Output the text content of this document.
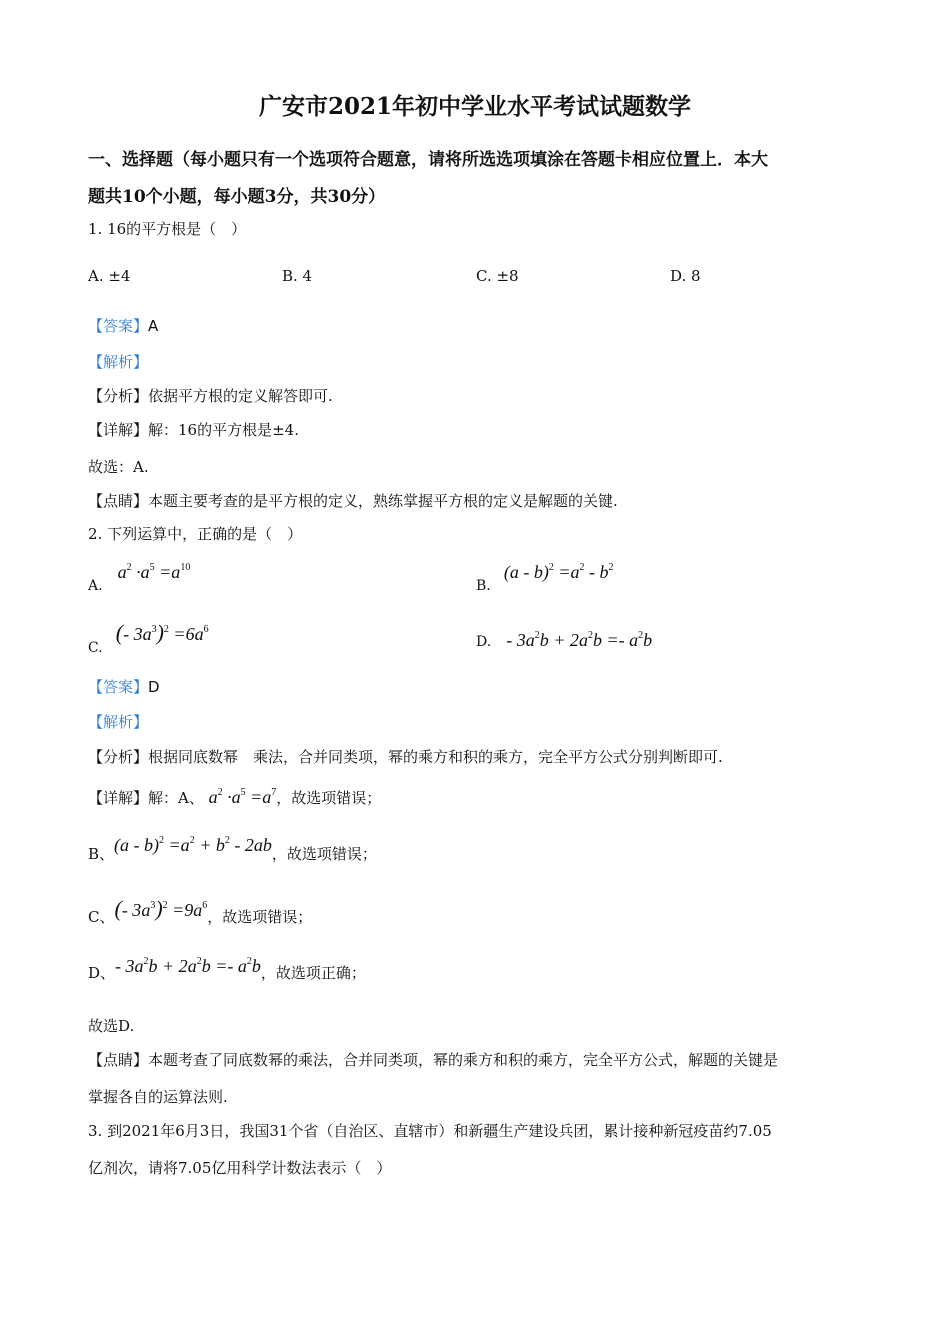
广安市2021年初中学业水平考试试题数学
一、选择题（每小题只有一个选项符合题意，请将所选选项填涂在答题卡相应位置上．本大
题共10个小题，每小题3分，共30分）
1. 16的平方根是（　）
A. ±4	B. 4	C. ±8	D. 8
【答案】A
【解析】
【分析】依据平方根的定义解答即可.
【详解】解：16的平方根是±4.
故选：A.
【点睛】本题主要考查的是平方根的定义，熟练掌握平方根的定义是解题的关键.
2. 下列运算中，正确的是（　）
A. $a^2 \cdot a^5 =a^{10}$
B. $(a - b)^2 =a^2 - b^2$
C. (- $3a^3)^2 =6a^6$
D. - $3a^2b + 2a^2b =- a^2b$
【答案】D
【解析】
【分析】根据同底数幂　乘法，合并同类项，幂的乘方和积的乘方，完全平方公式分别判断即可.
【详解】解：A、 $a^2 \cdot a^5 =a^7$，故选项错误；
B、$(a - b)^2 =a^2 + b^2 - 2ab$，故选项错误；
C、(- $3a^3)^2 =9a^6$，故选项错误；
D、- $3a^2b + 2a^2b =- a^2b$，故选项正确；
故选D.
【点睛】本题考查了同底数幂的乘法，合并同类项，幂的乘方和积的乘方，完全平方公式，解题的关键是
掌握各自的运算法则.
3. 到2021年6月3日，我国31个省（自治区、直辖市）和新疆生产建设兵团，累计接种新冠疫苗约7.05
亿剂次，请将7.05亿用科学计数法表示（　）
